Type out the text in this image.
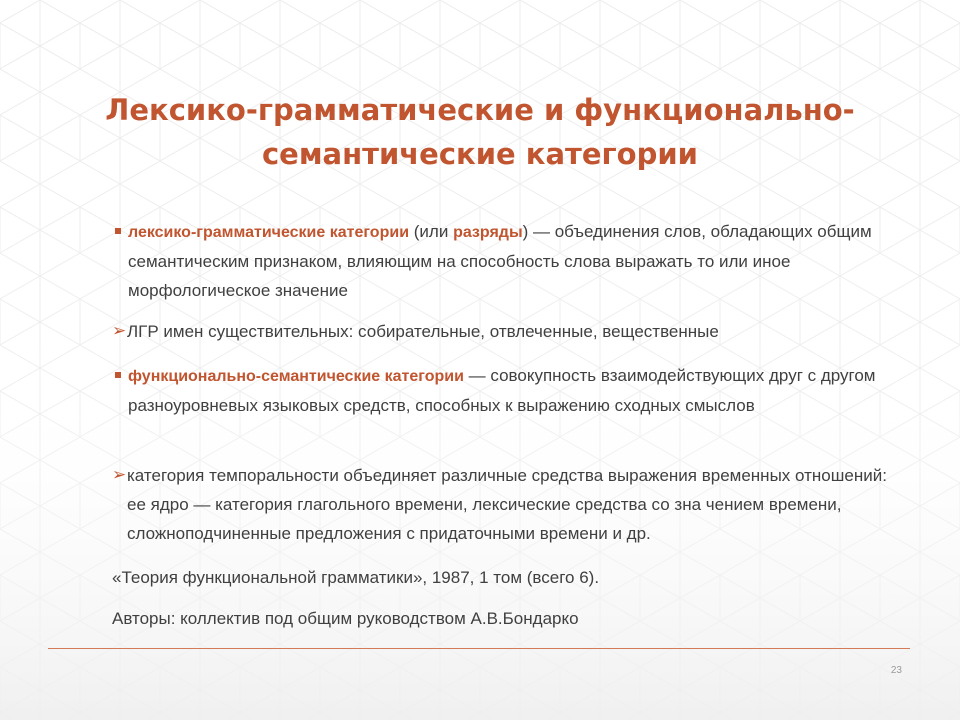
Лексико-грамматические и функционально-
семантические категории

лексико-грамматические категории (или разряды) — объединения слов, обладающих общим семантическим признаком, влияющим на способность слова выражать то или иное морфологическое значение

➢ ЛГР имен существительных: собирательные, отвлеченные, вещественные

функционально-семантические категории — совокупность взаимодействующих друг с другом разноуровневых языковых средств, способных к выражению сходных смыслов

➢ категория темпоральности объединяет различные средства выражения временных отношений: ее ядро — категория глагольного времени, лексические средства со зна чением времени, сложноподчиненные предложения с придаточными времени и др.

«Теория функциональной грамматики», 1987, 1 том (всего 6).

Авторы: коллектив под общим руководством А.В.Бондарко

23
